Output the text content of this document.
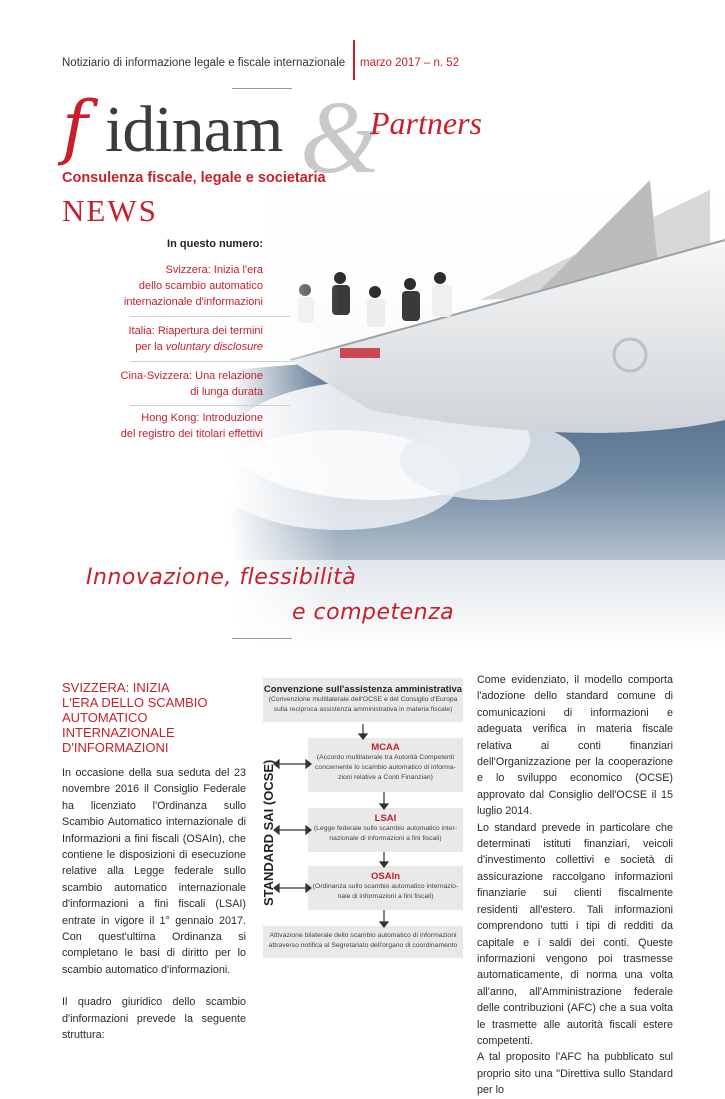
Notiziario di informazione legale e fiscale internazionale marzo 2017 – n. 52
&
f idinam	Partners
Consulenza fiscale, legale e societaria
NEWS
In questo numero:
Svizzera: Inizia l'era
dello scambio automatico
internazionale d'informazioni
Italia: Riapertura dei termini
per la voluntary disclosure
Cina-Svizzera: Una relazione
di lunga durata
Hong Kong: Introduzione
del registro dei titolari effettivi
Innovazione, flessibilità
e competenza
SVIZZERA: INIZIA
L'ERA DELLO SCAMBIO
AUTOMATICO
INTERNAZIONALE
D'INFORMAZIONI

In occasione della sua seduta del 23 novembre 2016 il Consiglio Federale ha licenziato l'Ordinanza sullo Scambio Automatico internazionale di Informazioni a fini fiscali (OSAIn), che contiene le disposizioni di esecuzione relative alla Legge federale sullo scambio automatico internazionale d'informazioni a fini fiscali (LSAI) entrate in vigore il 1° gennaio 2017. Con quest'ultima Ordinanza si completano le basi di diritto per lo scambio automatico d'informazioni.

Il quadro giuridico dello scambio d'informazioni prevede la seguente struttura:

Convenzione sull'assistenza amministrativa
(Convenzione multilaterale dell'OCSE e del Consiglio d'Europa
sulla reciproca assistenza amministrativa in materia fiscale)
MCAA
(Accordo multilaterale tra Autorità Competenti
concernente lo scambio automatico di informa-
zioni relative a Conti Finanziari)
LSAI
(Legge federale sullo scambio automatico inter-
nazionale di informazioni a fini fiscali)
OSAIn
(Ordinanza sullo scambio automatico internazio-
nale di informazioni a fini fiscali)
Attivazione bilaterale dello scambio automatico di informazioni
attraverso notifica al Segretariato dell'organo di coordinamento
STANDARD SAI (OCSE)

Come evidenziato, il modello comporta l'adozione dello standard comune di comunicazioni di informazioni e adeguata verifica in materia fiscale relativa ai conti finanziari dell'Organizzazione per la cooperazione e lo sviluppo economico (OCSE) approvato dal Consiglio dell'OCSE il 15 luglio 2014.

Lo standard prevede in particolare che determinati istituti finanziari, veicoli d'investimento collettivi e società di assicurazione raccolgano informazioni finanziarie sui clienti fiscalmente residenti all'estero. Tali informazioni comprendono tutti i tipi di redditi da capitale e i saldi dei conti. Queste informazioni vengono poi trasmesse automaticamente, di norma una volta all'anno, all'Amministrazione federale delle contribuzioni (AFC) che a sua volta le trasmette alle autorità fiscali estere competenti.

A tal proposito l'AFC ha pubblicato sul proprio sito una "Direttiva sullo Standard per lo
